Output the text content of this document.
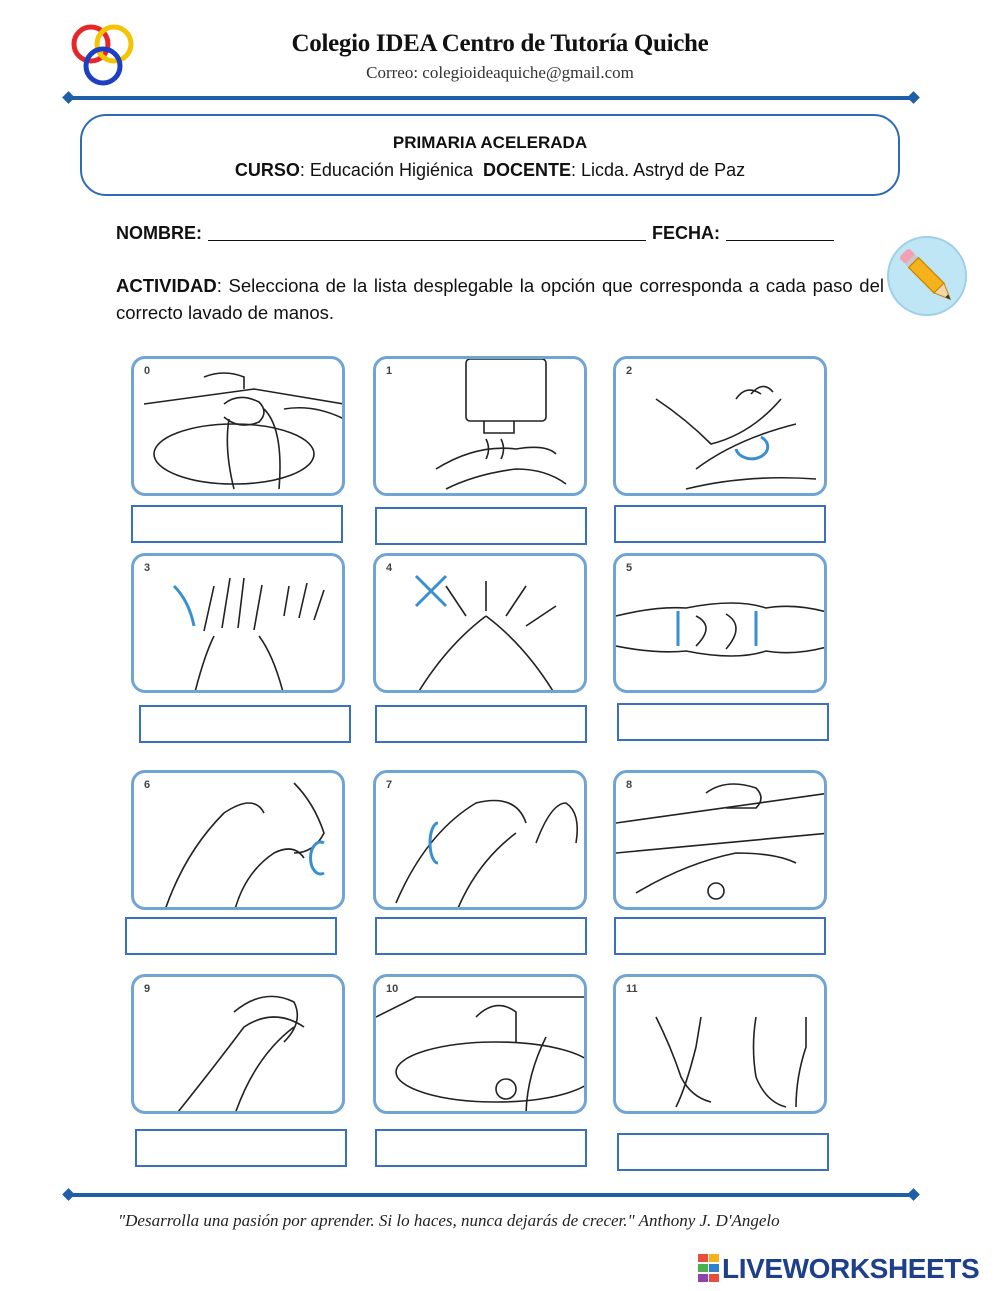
Colegio IDEA Centro de Tutoría Quiche
Correo: colegioideaquiche@gmail.com
PRIMARIA ACELERADA
CURSO: Educación Higiénica DOCENTE: Licda. Astryd de Paz
NOMBRE:	FECHA:
ACTIVIDAD: Selecciona de la lista desplegable la opción que corresponda a cada paso del correcto lavado de manos.
0	1	2
3	4	5
6	7	8
9	10	11
"Desarrolla una pasión por aprender. Si lo haces, nunca dejarás de crecer." Anthony J. D'Angelo
LIVEWORKSHEETS
